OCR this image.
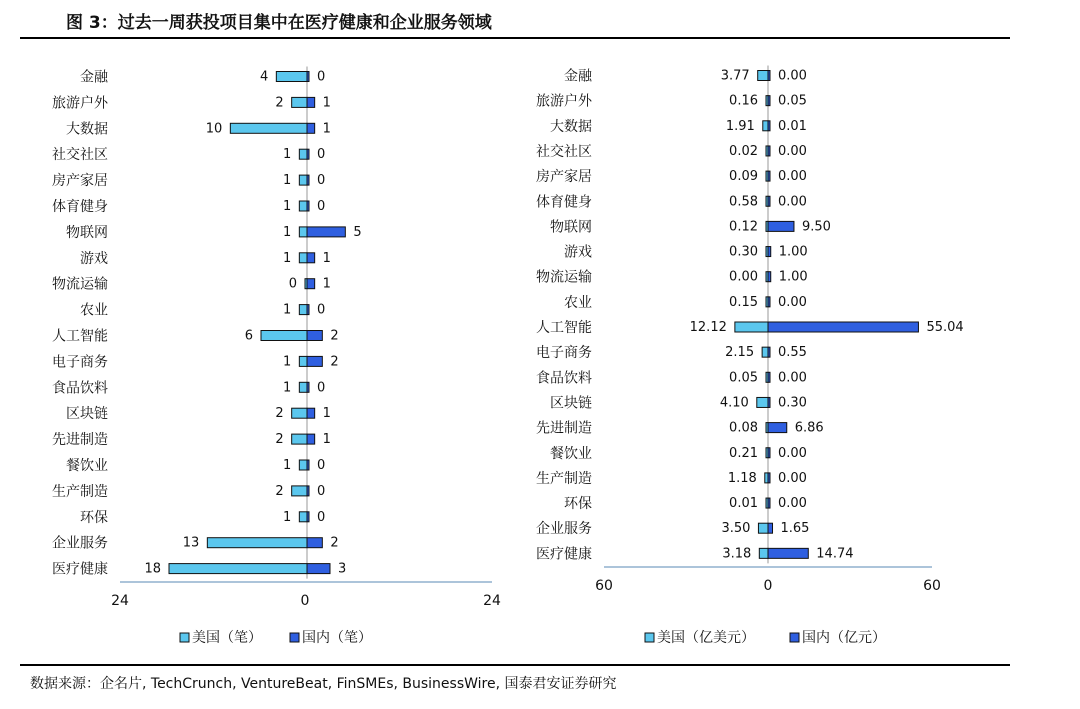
图 3：过去一周获投项目集中在医疗健康和企业服务领域
金融	4	0
旅游户外	2	1
大数据	10	1
社交社区	1 0
房产家居	1 0
体育健身	1 0
物联网	1	5
游戏	1 1
物流运输	0 1
农业	1 0
人工智能	6	2
电子商务	1	2
食品饮料	1 0
区块链	2	1
先进制造	2	1
餐饮业	1 0
生产制造	2	0
环保	1 0
企业服务	13	2
医疗健康	18	3
24	0	24
美国（笔）	国内（笔）
金融	3.77 0.00
旅游户外	0.16 0.05
大数据	1.91 0.01
社交社区	0.02 0.00
房产家居	0.09 0.00
体育健身	0.58 0.00
物联网	0.12	9.50
游戏	0.30 1.00
物流运输	0.00 1.00
农业	0.15 0.00
人工智能	12.12	55.04
电子商务	2.15 0.55
食品饮料	0.05 0.00
区块链	4.10 0.30
先进制造	0.08	6.86
餐饮业	0.21 0.00
生产制造	1.18 0.00
环保	0.01 0.00
企业服务	3.50 1.65
医疗健康	3.18	14.74
60	0	60
美国（亿美元）	国内（亿元）
数据来源：企名片, TechCrunch, VentureBeat, FinSMEs, BusinessWire, 国泰君安证券研究
